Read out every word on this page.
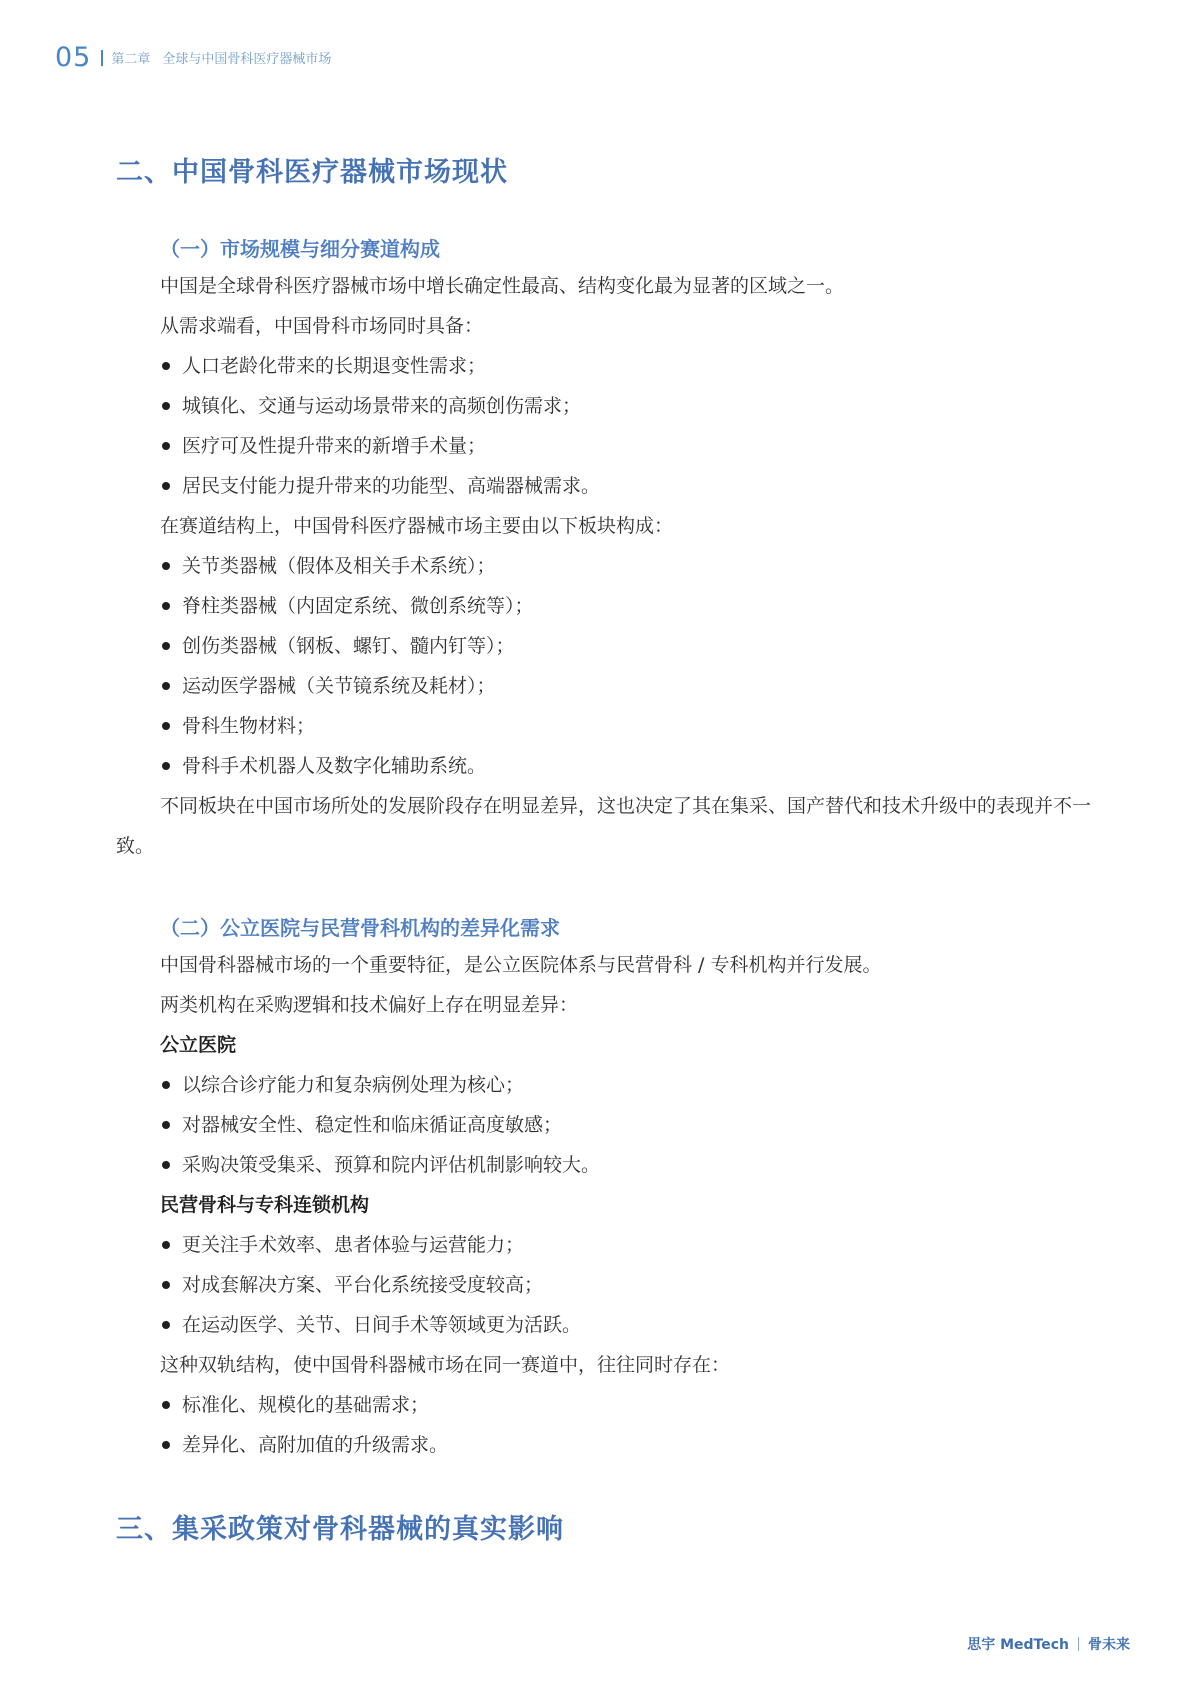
05 第二章 全球与中国骨科医疗器械市场
二、中国骨科医疗器械市场现状
（一）市场规模与细分赛道构成

中国是全球骨科医疗器械市场中增长确定性最高、结构变化最为显著的区域之一。

从需求端看，中国骨科市场同时具备：

人口老龄化带来的长期退变性需求；
城镇化、交通与运动场景带来的高频创伤需求；
医疗可及性提升带来的新增手术量；
居民支付能力提升带来的功能型、高端器械需求。

在赛道结构上，中国骨科医疗器械市场主要由以下板块构成：

关节类器械（假体及相关手术系统）；
脊柱类器械（内固定系统、微创系统等）；
创伤类器械（钢板、螺钉、髓内钉等）；
运动医学器械（关节镜系统及耗材）；
骨科生物材料；
骨科手术机器人及数字化辅助系统。

不同板块在中国市场所处的发展阶段存在明显差异，这也决定了其在集采、国产替代和技术升级中的表现并不一致。

（二）公立医院与民营骨科机构的差异化需求

中国骨科器械市场的一个重要特征，是公立医院体系与民营骨科 / 专科机构并行发展。

两类机构在采购逻辑和技术偏好上存在明显差异：

公立医院

以综合诊疗能力和复杂病例处理为核心；
对器械安全性、稳定性和临床循证高度敏感；
采购决策受集采、预算和院内评估机制影响较大。

民营骨科与专科连锁机构

更关注手术效率、患者体验与运营能力；
对成套解决方案、平台化系统接受度较高；
在运动医学、关节、日间手术等领域更为活跃。

这种双轨结构，使中国骨科器械市场在同一赛道中，往往同时存在：

标准化、规模化的基础需求；
差异化、高附加值的升级需求。
三、集采政策对骨科器械的真实影响
思宇 MedTech 骨未来
